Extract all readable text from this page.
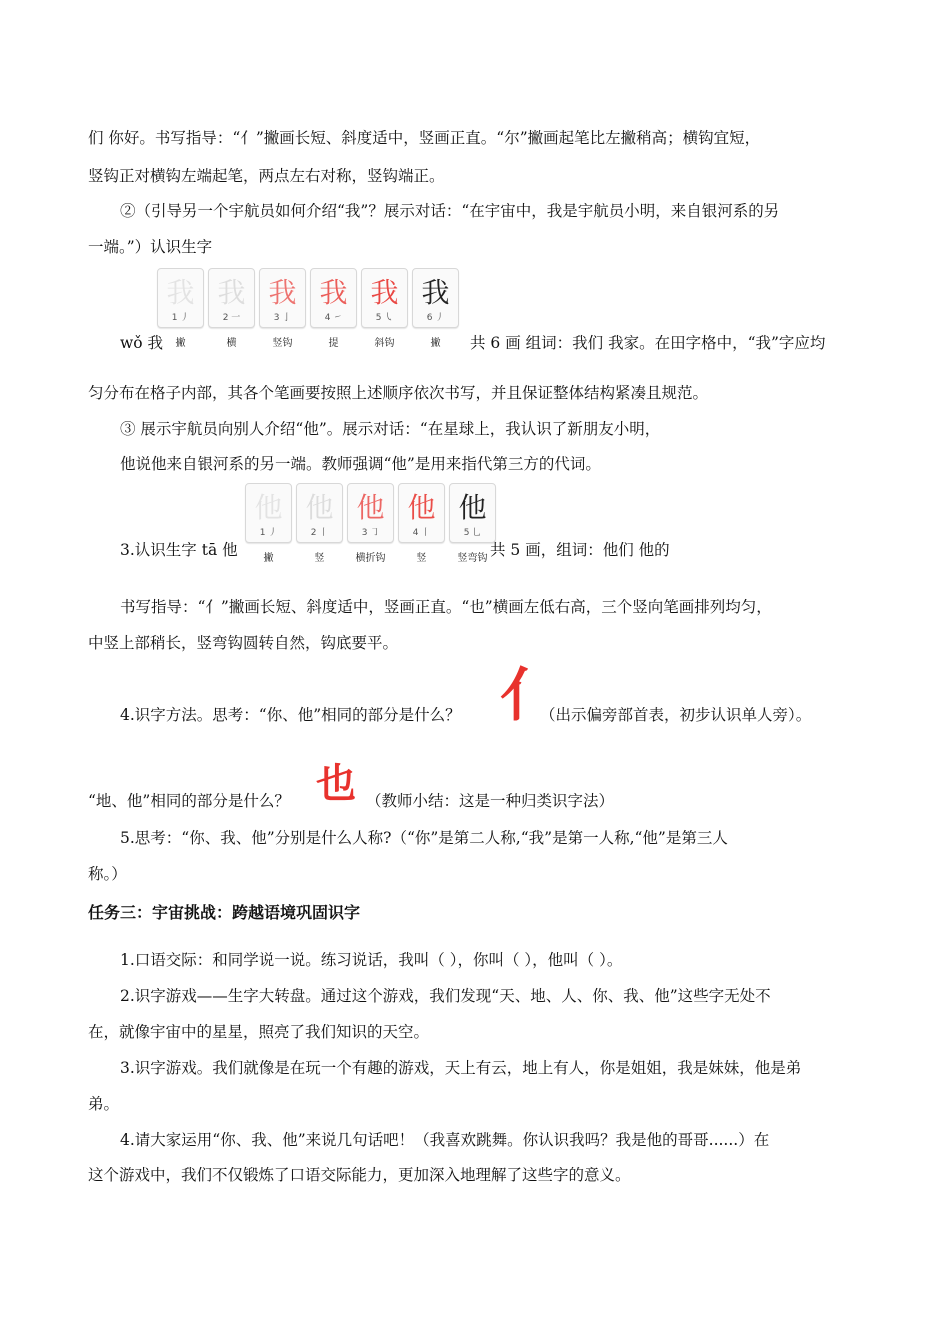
们 你好。书写指导：“亻”撇画长短、斜度适中，竖画正直。“尔”撇画起笔比左撇稍高；横钩宜短，
竖钩正对横钩左端起笔，两点左右对称，竖钩端正。
②（引导另一个宇航员如何介绍“我”？展示对话：“在宇宙中，我是宇航员小明，来自银河系的另
一端。”）认识生字
我
1 丿
撇
我
2 一
横
我
3 亅
竖钩
我
4 ㇀
提
我
5 ㇂
斜钩
我
6 丿
撇
wǒ 我	共 6 画 组词：我们 我家。在田字格中，“我”字应均
匀分布在格子内部，其各个笔画要按照上述顺序依次书写，并且保证整体结构紧凑且规范。
③ 展示宇航员向别人介绍“他”。展示对话：“在星球上，我认识了新朋友小明，
他说他来自银河系的另一端。教师强调“他”是用来指代第三方的代词。
他
1 丿
撇
他
2 丨
竖
他
3 ㇆
横折钩
他
4 丨
竖
他
5 乚
竖弯钩
3.认识生字 tā 他	共 5 画，组词：他们 他的
书写指导：“亻”撇画长短、斜度适中，竖画正直。“也”横画左低右高，三个竖向笔画排列均匀，
中竖上部稍长，竖弯钩圆转自然，钩底要平。
4.识字方法。思考：“你、他”相同的部分是什么？ 亻
（出示偏旁部首表，初步认识单人旁）。
“地、他”相同的部分是什么？ 也 （教师小结：这是一种归类识字法）
5.思考：“你、我、他”分别是什么人称?（“你”是第二人称,“我”是第一人称,“他”是第三人
称。）
任务三：宇宙挑战：跨越语境巩固识字
1.口语交际：和同学说一说。练习说话，我叫（ ），你叫（ ），他叫（ ）。
2.识字游戏——生字大转盘。通过这个游戏，我们发现“天、地、人、你、我、他”这些字无处不
在，就像宇宙中的星星，照亮了我们知识的天空。
3.识字游戏。我们就像是在玩一个有趣的游戏，天上有云，地上有人，你是姐姐，我是妹妹，他是弟
弟。
4.请大家运用“你、我、他”来说几句话吧！（我喜欢跳舞。你认识我吗？我是他的哥哥......）在
这个游戏中，我们不仅锻炼了口语交际能力，更加深入地理解了这些字的意义。
